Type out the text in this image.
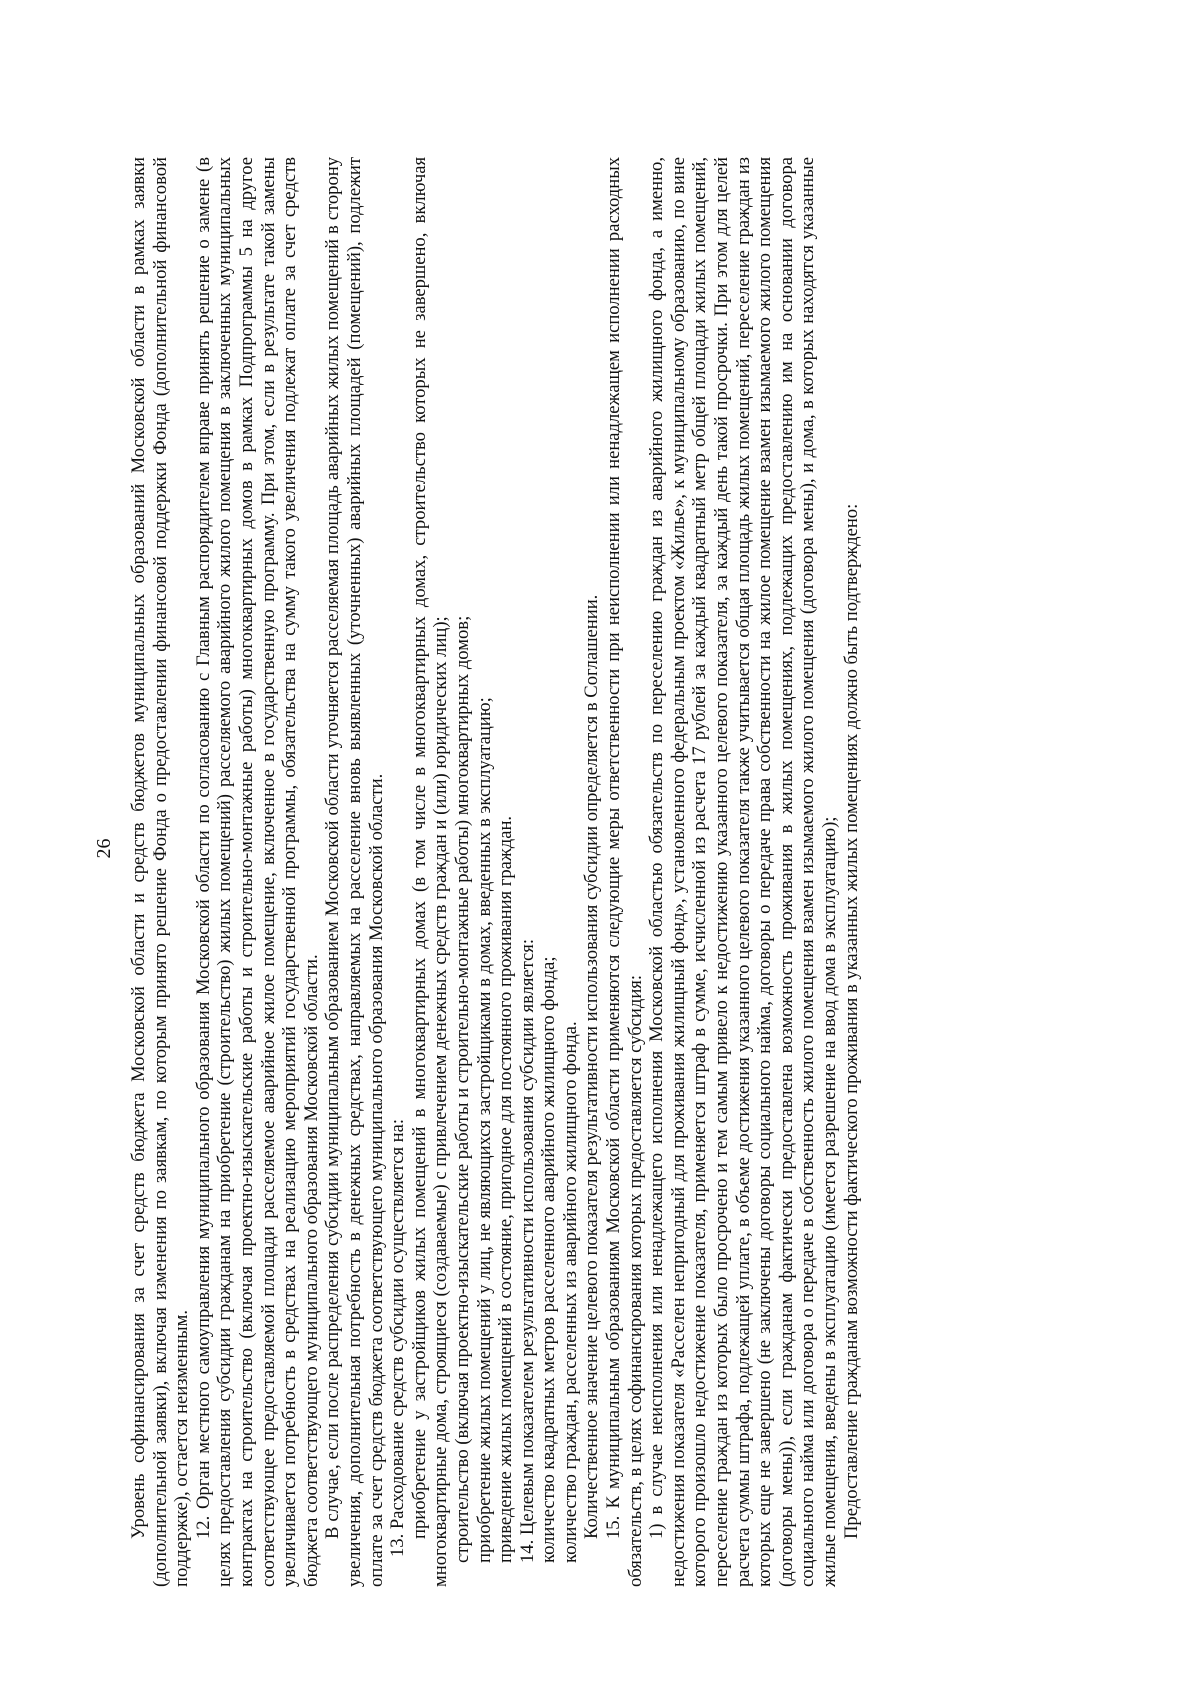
26 Уровень софинансирования за счет средств бюджета Московской области и средств бюджетов муниципальных образований Московской области в рамках заявки (дополнительной заявки), включая изменения по заявкам, по которым принято решение Фонда о предоставлении финансовой поддержки Фонда (дополнительной финансовой поддержке), остается неизменным. 12. Орган местного самоуправления муниципального образования Московской области по согласованию с Главным распорядителем вправе принять решение о замене (в целях предоставления субсидии гражданам на приобретение (строительство) жилых помещений) расселяемого аварийного жилого помещения в заключенных муниципальных контрактах на строительство (включая проектно-изыскательские работы и строительно-монтажные работы) многоквартирных домов в рамках Подпрограммы 5 на другое соответствующее предоставляемой площади расселяемое аварийное жилое помещение, включенное в государственную программу. При этом, если в результате такой замены увеличивается потребность в средствах на реализацию мероприятий государственной программы, обязательства на сумму такого увеличения подлежат оплате за счет средств бюджета соответствующего муниципального образования Московской области. В случае, если после распределения субсидии муниципальным образованием Московской области уточняется расселяемая площадь аварийных жилых помещений в сторону увеличения, дополнительная потребность в денежных средствах, направляемых на расселение вновь выявленных (уточненных) аварийных площадей (помещений), подлежит оплате за счет средств бюджета соответствующего муниципального образования Московской области. 13. Расходование средств субсидии осуществляется на: приобретение у застройщиков жилых помещений в многоквартирных домах (в том числе в многоквартирных домах, строительство которых не завершено, включая многоквартирные дома, строящиеся (создаваемые) с привлечением денежных средств граждан и (или) юридических лиц); строительство (включая проектно-изыскательские работы и строительно-монтажные работы) многоквартирных домов; приобретение жилых помещений у лиц, не являющихся застройщиками в домах, введенных в эксплуатацию; приведение жилых помещений в состояние, пригодное для постоянного проживания граждан. 14. Целевым показателем результативности использования субсидии является: количество квадратных метров расселенного аварийного жилищного фонда; количество граждан, расселенных из аварийного жилищного фонда. Количественное значение целевого показателя результативности использования субсидии определяется в Соглашении. 15. К муниципальным образованиям Московской области применяются следующие меры ответственности при неисполнении или ненадлежащем исполнении расходных обязательств, в целях софинансирования которых предоставляется субсидия: 1) в случае неисполнения или ненадлежащего исполнения Московской областью обязательств по переселению граждан из аварийного жилищного фонда, а именно, недостижения показателя «Расселен непригодный для проживания жилищный фонд», установленного федеральным проектом «Жилье», к муниципальному образованию, по вине которого произошло недостижение показателя, применяется штраф в сумме, исчисленной из расчета 17 рублей за каждый квадратный метр общей площади жилых помещений, переселение граждан из которых было просрочено и тем самым привело к недостижению указанного целевого показателя, за каждый день такой просрочки. При этом для целей расчета суммы штрафа, подлежащей уплате, в объеме достижения указанного целевого показателя также учитывается общая площадь жилых помещений, переселение граждан из которых еще не завершено (не заключены договоры социального найма, договоры о передаче права собственности на жилое помещение взамен изымаемого жилого помещения (договоры мены)), если гражданам фактически предоставлена возможность проживания в жилых помещениях, подлежащих предоставлению им на основании договора социального найма или договора о передаче в собственность жилого помещения взамен изымаемого жилого помещения (договора мены), и дома, в которых находятся указанные жилые помещения, введены в эксплуатацию (имеется разрешение на ввод дома в эксплуатацию); Предоставление гражданам возможности фактического проживания в указанных жилых помещениях должно быть подтверждено:
